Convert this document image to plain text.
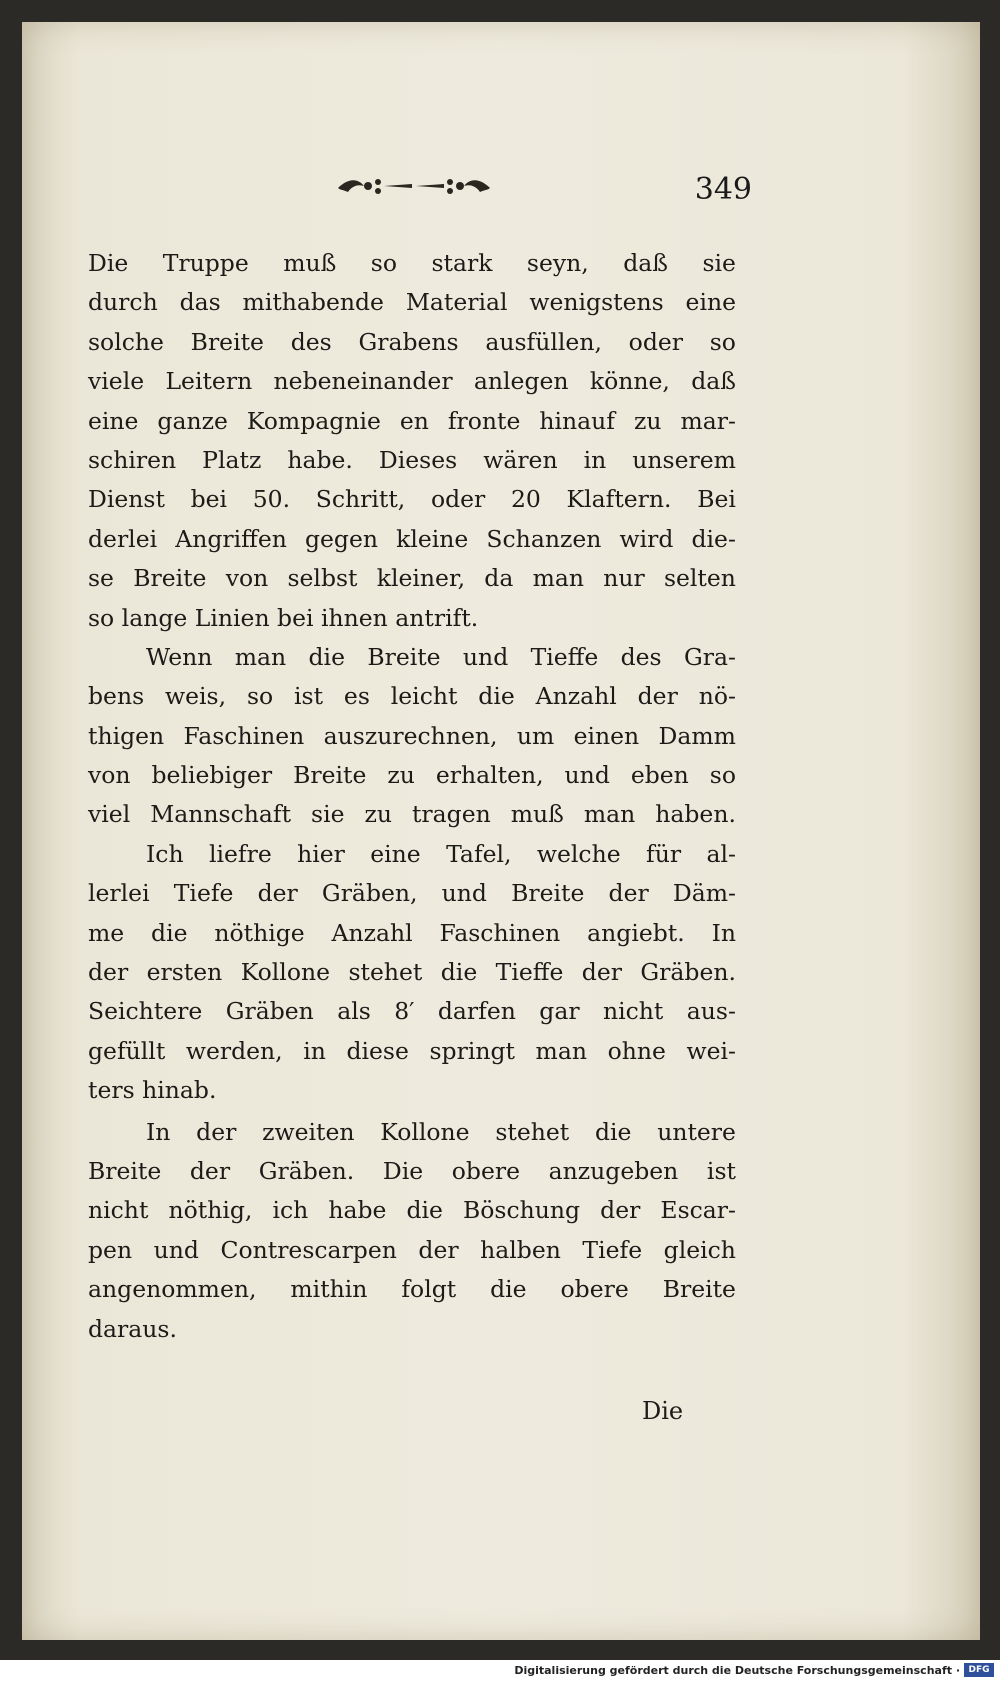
349
Die Truppe muß so stark seyn, daß sie
durch das mithabende Material wenigstens eine
solche Breite des Grabens ausfüllen, oder so
viele Leitern nebeneinander anlegen könne, daß
eine ganze Kompagnie en fronte hinauf zu mar-
schiren Platz habe. Dieses wären in unserem
Dienst bei 50. Schritt, oder 20 Klaftern. Bei
derlei Angriffen gegen kleine Schanzen wird die-
se Breite von selbst kleiner, da man nur selten
so lange Linien bei ihnen antrift.
Wenn man die Breite und Tieffe des Gra-
bens weis, so ist es leicht die Anzahl der nö-
thigen Faschinen auszurechnen, um einen Damm
von beliebiger Breite zu erhalten, und eben so
viel Mannschaft sie zu tragen muß man haben.
Ich liefre hier eine Tafel, welche für al-
lerlei Tiefe der Gräben, und Breite der Däm-
me die nöthige Anzahl Faschinen angiebt. In
der ersten Kollone stehet die Tieffe der Gräben.
Seichtere Gräben als 8′ darfen gar nicht aus-
gefüllt werden, in diese springt man ohne wei-
ters hinab.
In der zweiten Kollone stehet die untere
Breite der Gräben. Die obere anzugeben ist
nicht nöthig, ich habe die Böschung der Escar-
pen und Contrescarpen der halben Tiefe gleich
angenommen, mithin folgt die obere Breite
daraus.
Die
Digitalisierung gefördert durch die Deutsche Forschungsgemeinschaft · DFG
